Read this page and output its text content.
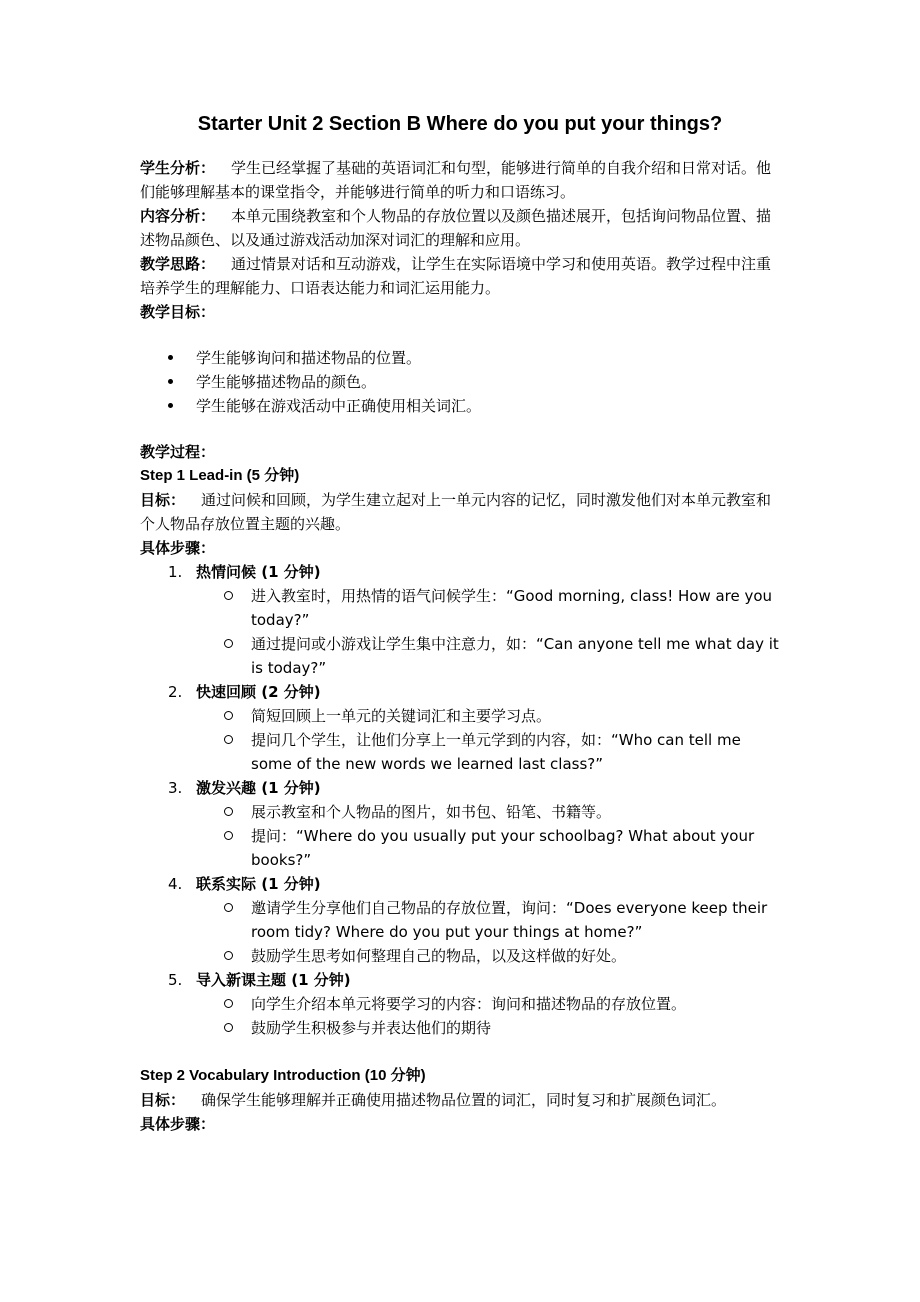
Starter Unit 2 Section B Where do you put your things?

学生分析： 学生已经掌握了基础的英语词汇和句型，能够进行简单的自我介绍和日常对话。他们能够理解基本的课堂指令，并能够进行简单的听力和口语练习。

内容分析： 本单元围绕教室和个人物品的存放位置以及颜色描述展开，包括询问物品位置、描述物品颜色、以及通过游戏活动加深对词汇的理解和应用。

教学思路： 通过情景对话和互动游戏，让学生在实际语境中学习和使用英语。教学过程中注重培养学生的理解能力、口语表达能力和词汇运用能力。

教学目标：

学生能够询问和描述物品的位置。
学生能够描述物品的颜色。
学生能够在游戏活动中正确使用相关词汇。

教学过程：

Step 1 Lead-in (5 分钟)

目标： 通过问候和回顾，为学生建立起对上一单元内容的记忆，同时激发他们对本单元教室和个人物品存放位置主题的兴趣。

具体步骤：

1. 热情问候 (1 分钟)
进入教室时，用热情的语气问候学生：“Good morning, class! How are you today?”
通过提问或小游戏让学生集中注意力，如：“Can anyone tell me what day it is today?”
2. 快速回顾 (2 分钟)
简短回顾上一单元的关键词汇和主要学习点。
提问几个学生，让他们分享上一单元学到的内容，如：“Who can tell me some of the new words we learned last class?”
3. 激发兴趣 (1 分钟)
展示教室和个人物品的图片，如书包、铅笔、书籍等。
提问：“Where do you usually put your schoolbag? What about your books?”
4. 联系实际 (1 分钟)
邀请学生分享他们自己物品的存放位置，询问：“Does everyone keep their room tidy? Where do you put your things at home?”
鼓励学生思考如何整理自己的物品，以及这样做的好处。
5. 导入新课主题 (1 分钟)
向学生介绍本单元将要学习的内容：询问和描述物品的存放位置。
鼓励学生积极参与并表达他们的期待

Step 2 Vocabulary Introduction (10 分钟)

目标： 确保学生能够理解并正确使用描述物品位置的词汇，同时复习和扩展颜色词汇。

具体步骤：
